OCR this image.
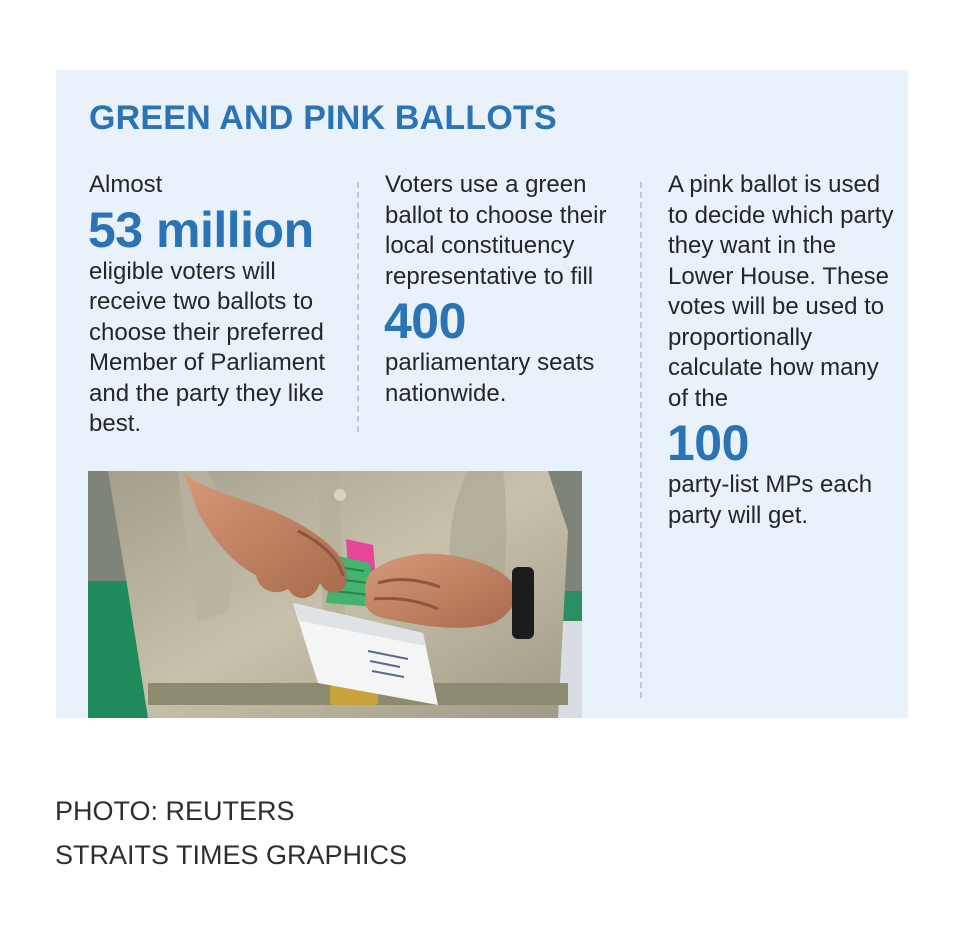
GREEN AND PINK BALLOTS

Almost

53 million

eligible voters will receive two ballots to choose their preferred Member of Parliament and the party they like best.

Voters use a green ballot to choose their local constituency representative to fill

400

parliamentary seats nationwide.

A pink ballot is used to decide which party they want in the Lower House. These votes will be used to proportionally calculate how many of the

100

party-list MPs each party will get.

PHOTO: REUTERS

STRAITS TIMES GRAPHICS
